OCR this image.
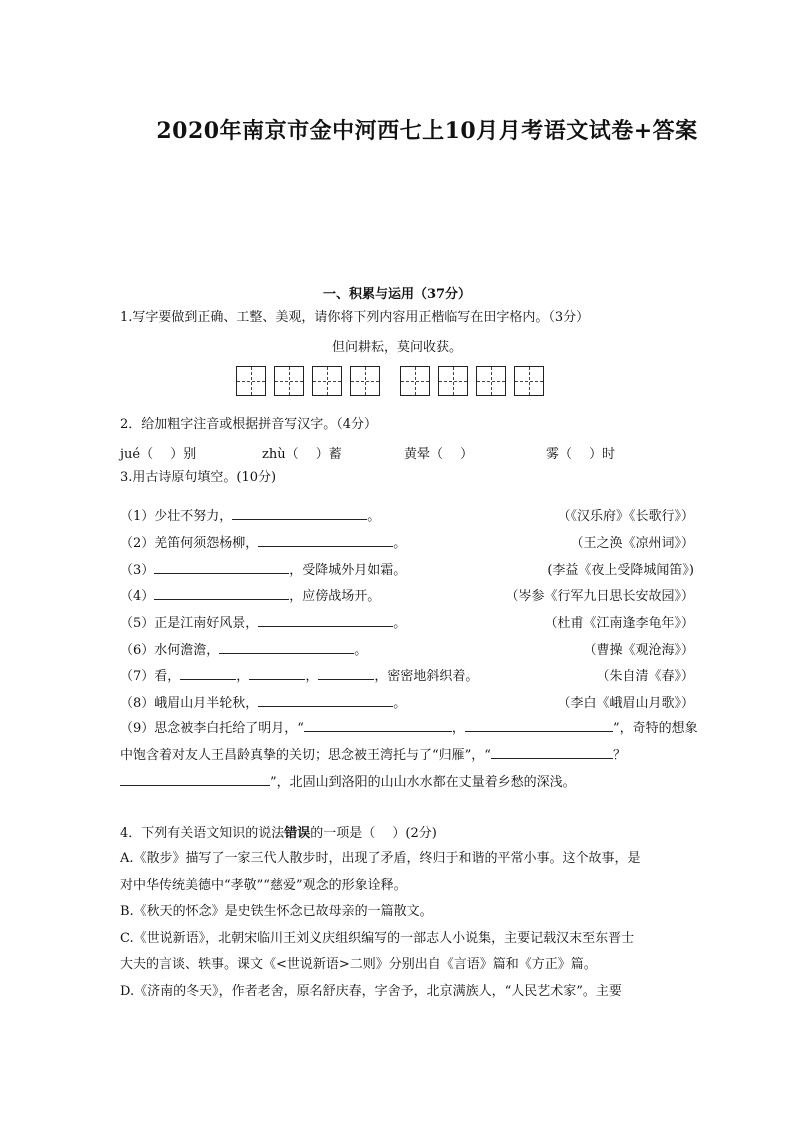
2020年南京市金中河西七上10月月考语文试卷+答案
一、积累与运用（37分）
1.写字要做到正确、工整、美观，请你将下列内容用正楷临写在田字格内。（3分）
但问耕耘，莫问收获。
2．给加粗字注音或根据拼音写汉字。（4分）
jué（　 ）别	zhù（　 ）蓄	黄晕（　 ）	雾（　 ）时
3.用古诗原句填空。(10分)
（1）少壮不努力，	。	（《汉乐府》《长歌行》）
（2）羌笛何须怨杨柳，	。	（王之涣《凉州词》）
（3）	，受降城外月如霜。	(李益《夜上受降城闻笛》)
（4）	，应傍战场开。	（岑参《行军九日思长安故园》）
（5）正是江南好风景，	。	（杜甫《江南逢李龟年》）
（6）水何澹澹，	。	（曹操《观沧海》）
（7）看，	，	，	，密密地斜织着。	（朱自清《春》）
（8）峨眉山月半轮秋，	。	（李白《峨眉山月歌》）
（9）思念被李白托给了明月，“	，	”，奇特的想象
中饱含着对友人王昌龄真挚的关切；思念被王湾托与了“归雁”，“	？
”，北固山到洛阳的山山水水都在丈量着乡愁的深浅。
4．下列有关语文知识的说法错误的一项是（　 ）(2分)
A.《散步》描写了一家三代人散步时，出现了矛盾，终归于和谐的平常小事。这个故事，是
对中华传统美德中“孝敬”“慈爱”观念的形象诠释。
B.《秋天的怀念》是史铁生怀念已故母亲的一篇散文。
C.《世说新语》，北朝宋临川王刘义庆组织编写的一部志人小说集，主要记载汉末至东晋士
大夫的言谈、轶事。课文《<世说新语>二则》分别出自《言语》篇和《方正》篇。
D.《济南的冬天》，作者老舍，原名舒庆春，字舍予，北京满族人，“人民艺术家”。主要
